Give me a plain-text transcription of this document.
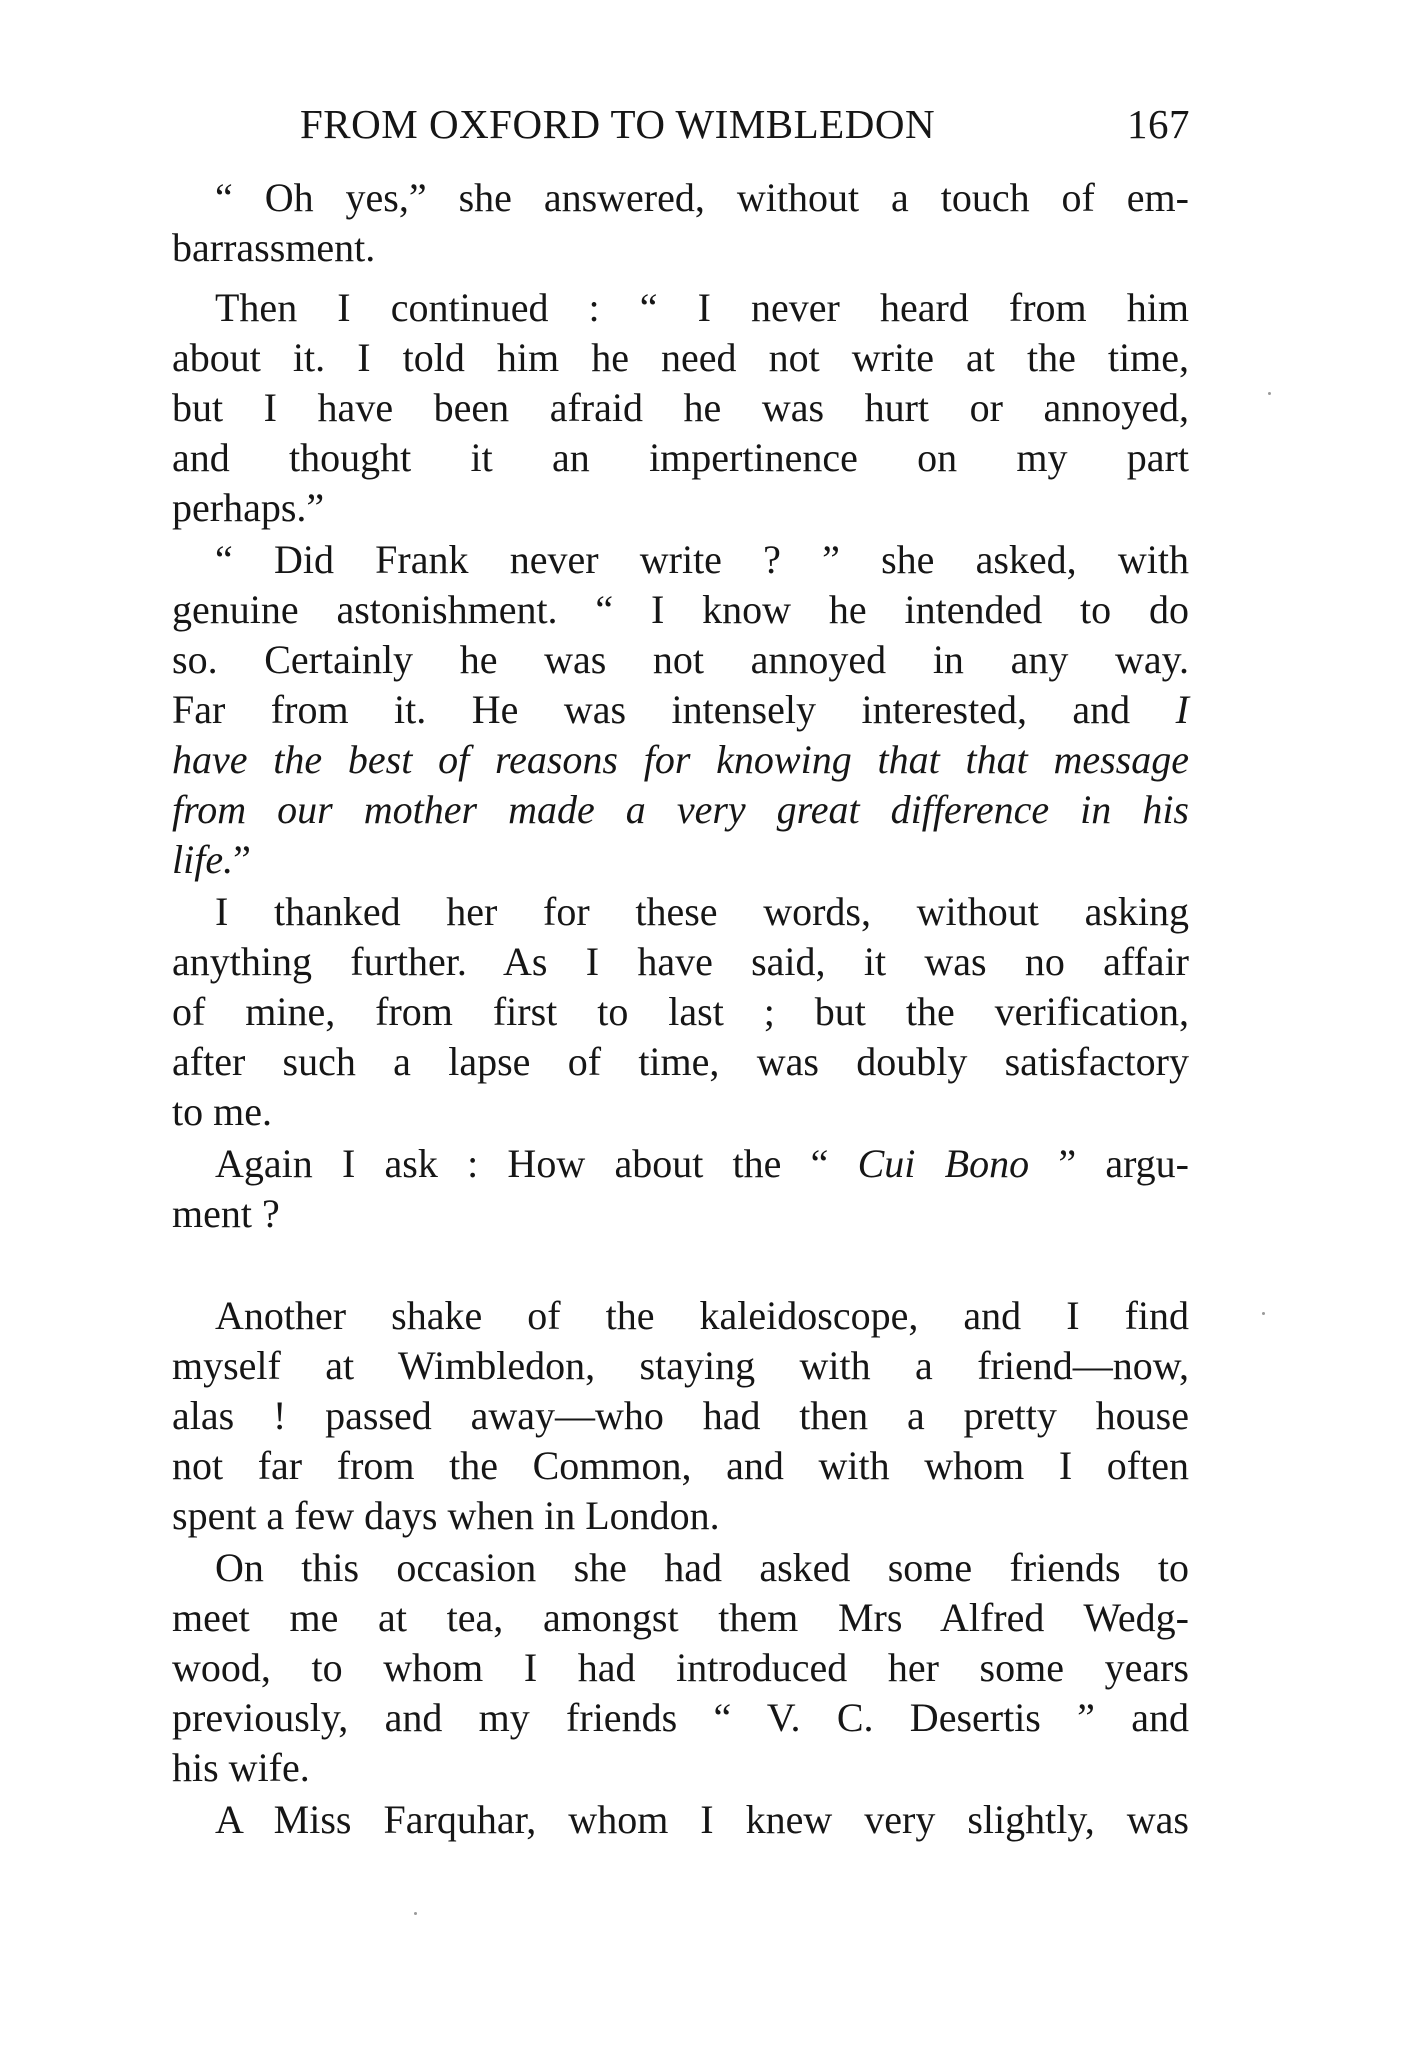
FROM OXFORD TO WIMBLEDON	167
“ Oh yes,” she answered, without a touch of em-
barrassment.
Then I continued : “ I never heard from him
about it. I told him he need not write at the time,
but I have been afraid he was hurt or annoyed,
and thought it an impertinence on my part
perhaps.”
“ Did Frank never write ? ” she asked, with
genuine astonishment. “ I know he intended to do
so. Certainly he was not annoyed in any way.
Far from it. He was intensely interested, and I
have the best of reasons for knowing that that message
from our mother made a very great difference in his
life.”
I thanked her for these words, without asking
anything further. As I have said, it was no affair
of mine, from first to last ; but the verification,
after such a lapse of time, was doubly satisfactory
to me.
Again I ask : How about the “ Cui Bono ” argu-
ment ?
Another shake of the kaleidoscope, and I find
myself at Wimbledon, staying with a friend—now,
alas ! passed away—who had then a pretty house
not far from the Common, and with whom I often
spent a few days when in London.
On this occasion she had asked some friends to
meet me at tea, amongst them Mrs Alfred Wedg-
wood, to whom I had introduced her some years
previously, and my friends “ V. C. Desertis ” and
his wife.
A Miss Farquhar, whom I knew very slightly, was
